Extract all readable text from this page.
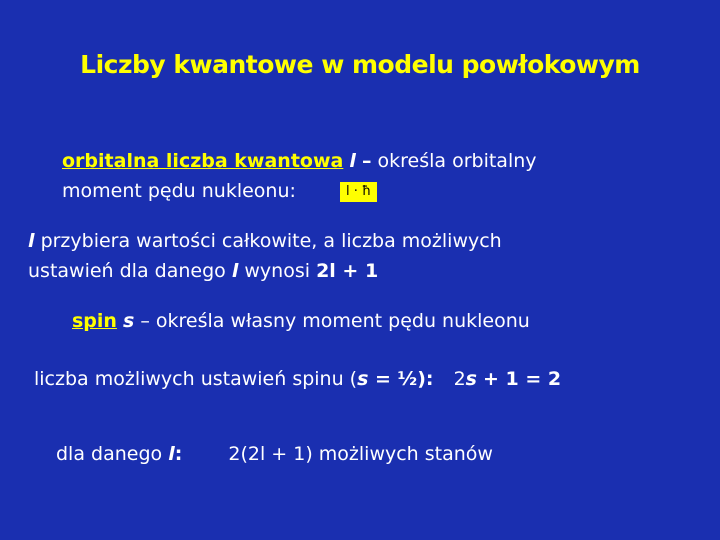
Liczby kwantowe w modelu powłokowym
orbitalna liczba kwantowa l – określa orbitalny
moment pędu nukleonu:	l · ħ
l przybiera wartości całkowite, a liczba możliwych
ustawień dla danego l wynosi 2l + 1
spin s – określa własny moment pędu nukleonu
liczba możliwych ustawień spinu (s = ½): 2s + 1 = 2
dla danego l: 2(2l + 1) możliwych stanów
